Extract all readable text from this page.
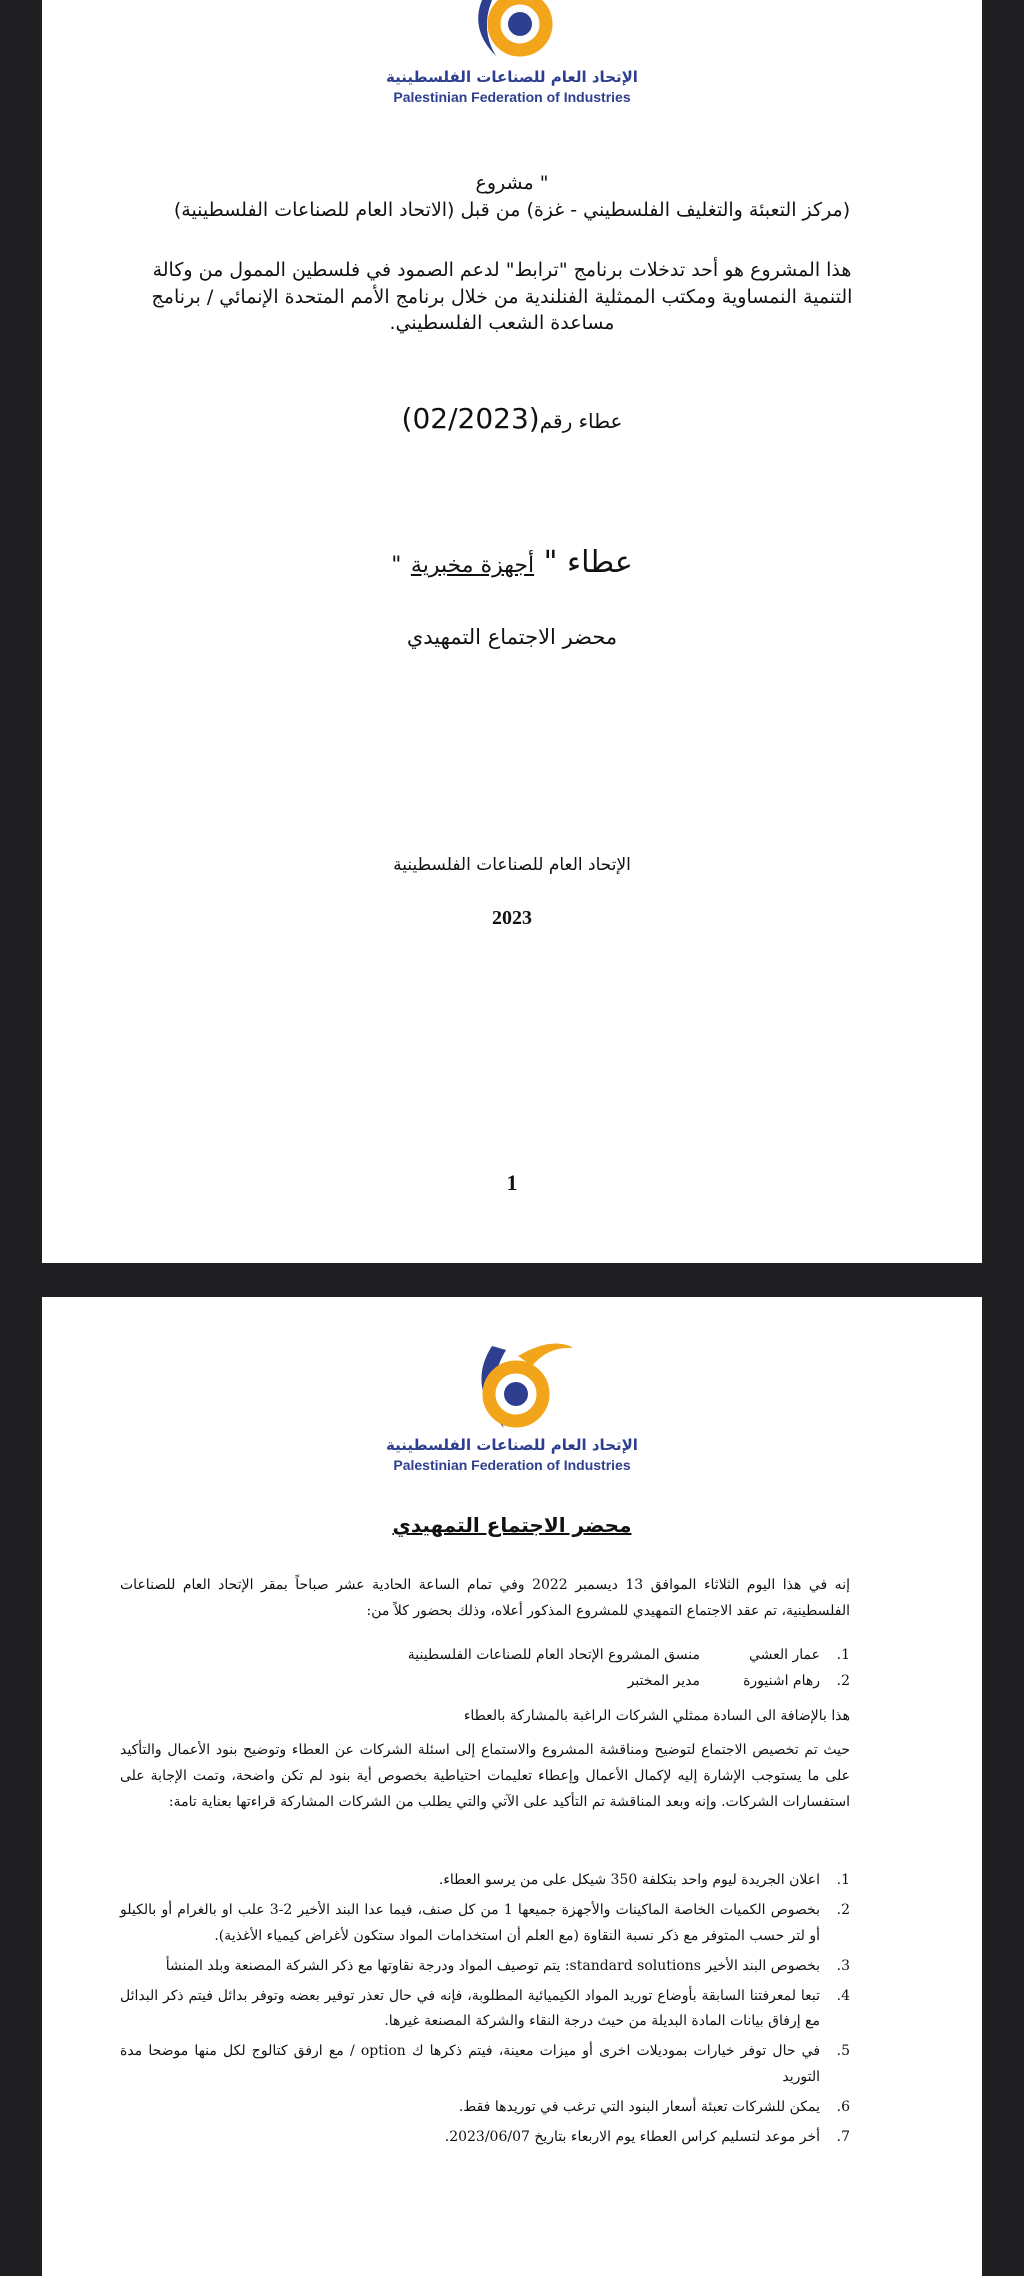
الإتحاد العام للصناعات الفلسطينية
Palestinian Federation of Industries
" مشروع
(مركز التعبئة والتغليف الفلسطيني - غزة) من قبل (الاتحاد العام للصناعات الفلسطينية)
هذا المشروع هو أحد تدخلات برنامج "ترابط" لدعم الصمود في فلسطين الممول من وكالة التنمية النمساوية ومكتب الممثلية الفنلندية من خلال برنامج الأمم المتحدة الإنمائي / برنامج مساعدة الشعب الفلسطيني.
عطاء رقم(02/2023)
عطاء " أجهزة مخبرية "
محضر الاجتماع التمهيدي
الإتحاد العام للصناعات الفلسطينية
2023
1
الإتحاد العام للصناعات الفلسطينية
Palestinian Federation of Industries
محضر الاجتماع التمهيدي
إنه في هذا اليوم الثلاثاء الموافق 13 ديسمبر 2022 وفي تمام الساعة الحادية عشر صباحاً بمقر الإتحاد العام للصناعات الفلسطينية، تم عقد الاجتماع التمهيدي للمشروع المذكور أعلاه، وذلك بحضور كلاً من:
1.
عمار العشي
منسق المشروع الإتحاد العام للصناعات الفلسطينية
2.
رهام اشنيورة
مدير المختبر
هذا بالإضافة الى السادة ممثلي الشركات الراغبة بالمشاركة بالعطاء
حيث تم تخصيص الاجتماع لتوضيح ومناقشة المشروع والاستماع إلى اسئلة الشركات عن العطاء وتوضيح بنود الأعمال والتأكيد على ما يستوجب الإشارة إليه لإكمال الأعمال وإعطاء تعليمات احتياطية بخصوص أية بنود لم تكن واضحة، وتمت الإجابة على استفسارات الشركات. وإنه وبعد المناقشة تم التأكيد على الآتي والتي يطلب من الشركات المشاركة قراءتها بعناية تامة:
1.
اعلان الجريدة ليوم واحد بتكلفة 350 شيكل على من يرسو العطاء.
2.
بخصوص الكميات الخاصة الماكينات والأجهزة جميعها 1 من كل صنف، فيما عدا البند الأخير 2-3 علب او بالغرام أو بالكيلو أو لتر حسب المتوفر مع ذكر نسبة النقاوة (مع العلم أن استخدامات المواد ستكون لأغراض كيمياء الأغذية).
3.
بخصوص البند الأخير standard solutions: يتم توصيف المواد ودرجة نقاوتها مع ذكر الشركة المصنعة وبلد المنشأ
4.
تبعا لمعرفتنا السابقة بأوضاع توريد المواد الكيميائية المطلوبة، فإنه في حال تعذر توفير بعضه وتوفر بدائل فيتم ذكر البدائل مع إرفاق بيانات المادة البديلة من حيث درجة النقاء والشركة المصنعة غيرها.
5.
في حال توفر خيارات بموديلات اخرى أو ميزات معينة، فيتم ذكرها ك option / مع ارفق كتالوج لكل منها موضحا مدة التوريد
6.
يمكن للشركات تعبئة أسعار البنود التي ترغب في توريدها فقط.
7.
أخر موعد لتسليم كراس العطاء يوم الاربعاء بتاريخ 2023/06/07.
